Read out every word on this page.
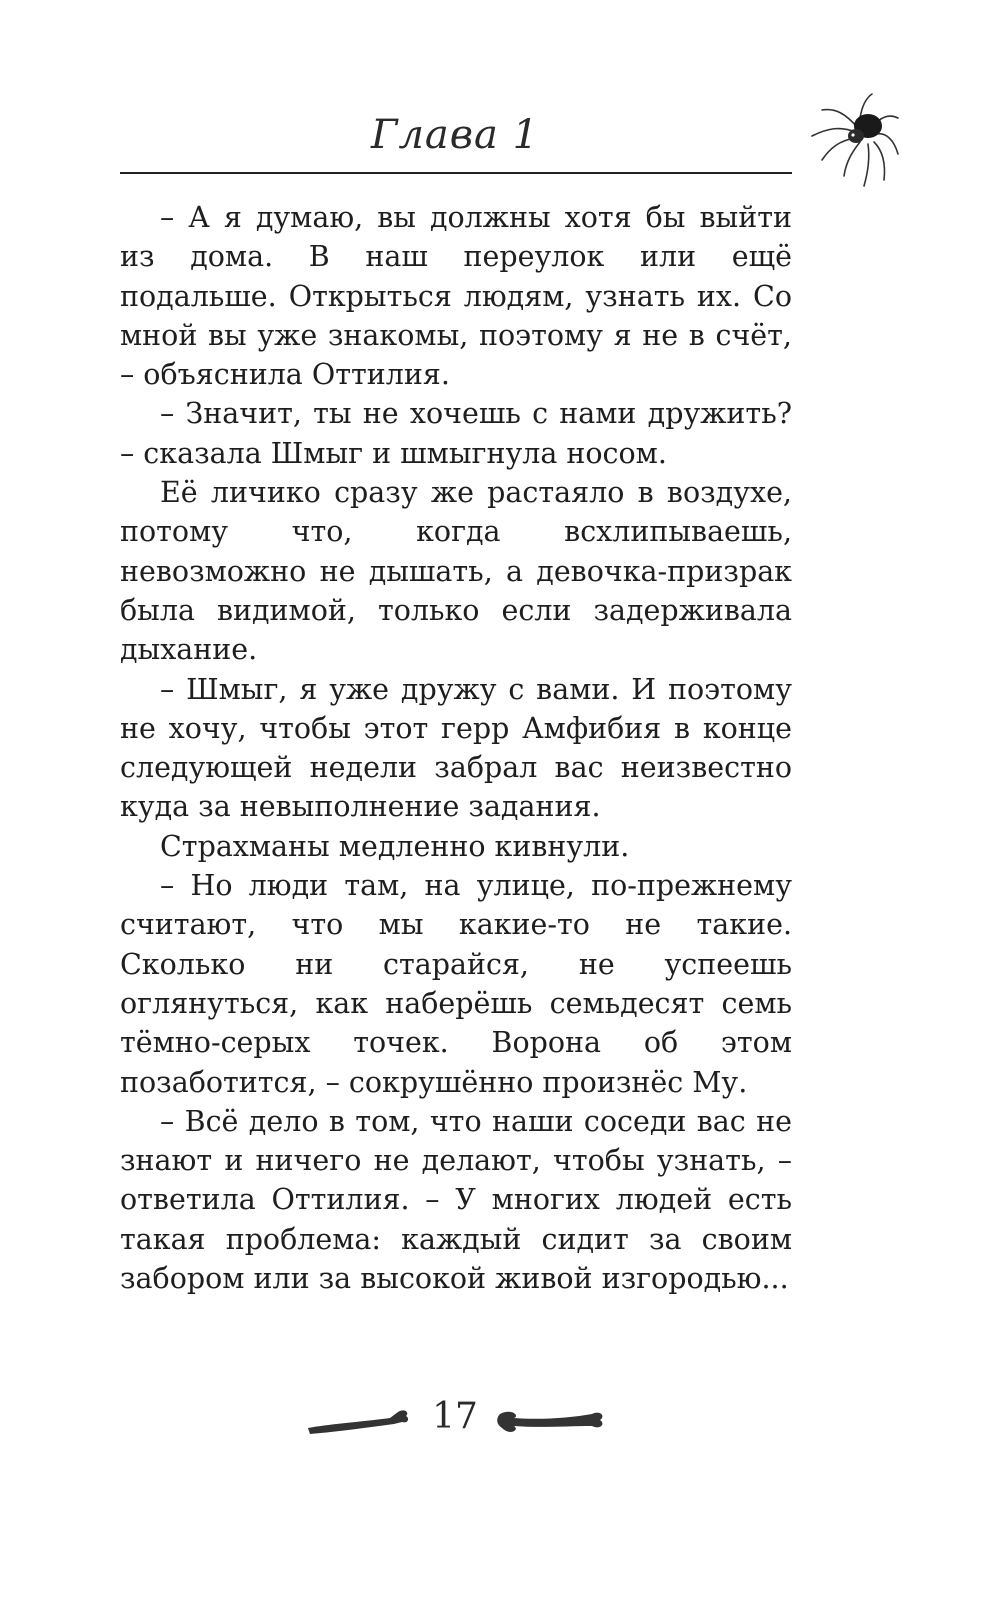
Глава 1

– А я думаю, вы должны хотя бы выйти из дома. В наш переулок или ещё подальше. Открыться людям, узнать их. Со мной вы уже знакомы, поэтому я не в счёт, – объяснила Оттилия.

– Значит, ты не хочешь с нами дружить? – сказала Шмыг и шмыгнула носом.

Её личико сразу же растаяло в воздухе, потому что, когда всхлипываешь, невозможно не дышать, а девочка-призрак была видимой, только если задерживала дыхание.

– Шмыг, я уже дружу с вами. И поэтому не хочу, чтобы этот герр Амфибия в конце следующей недели забрал вас неизвестно куда за невыполнение задания.

Страхманы медленно кивнули.

– Но люди там, на улице, по-прежнему считают, что мы какие-то не такие. Сколько ни старайся, не успеешь оглянуться, как наберёшь семьдесят семь тёмно-серых точек. Ворона об этом позаботится, – сокрушённо произнёс Му.

– Всё дело в том, что наши соседи вас не знают и ничего не делают, чтобы узнать, – ответила Оттилия. – У многих людей есть такая проблема: каждый сидит за своим забором или за высокой живой изгородью...

17
